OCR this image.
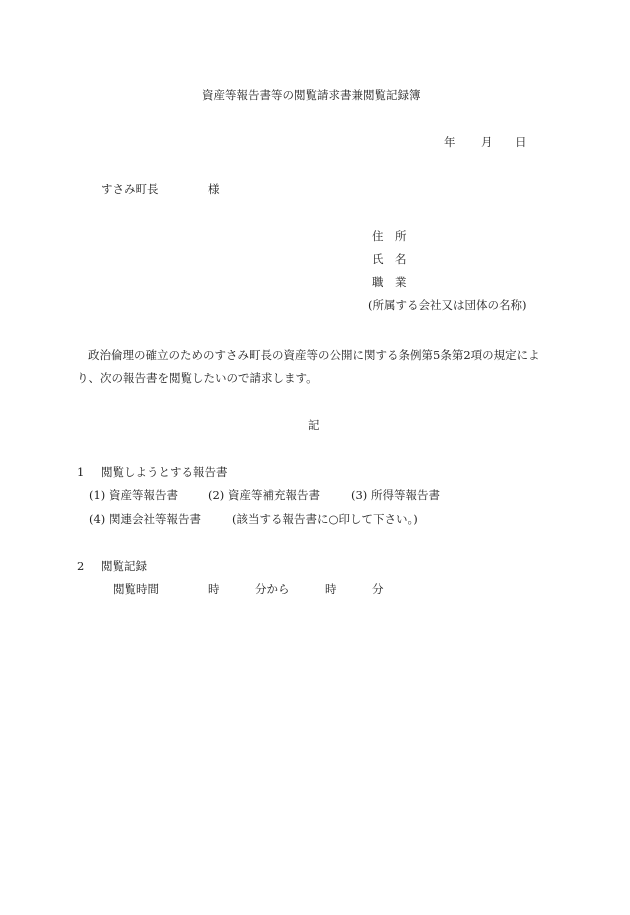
資産等報告書等の閲覧請求書兼閲覧記録簿
年 月 日
すさみ町長	様
住　所
氏　名
職　業
(所属する会社又は団体の名称)
政治倫理の確立のためのすさみ町長の資産等の公開に関する条例第5条第2項の規定によ
り、次の報告書を閲覧したいので請求します。
記
1 閲覧しようとする報告書
(1) 資産等報告書	(2) 資産等補充報告書	(3) 所得等報告書
(4) 関連会社等報告書	(該当する報告書に○印して下さい。)
2 閲覧記録
閲覧時間	時	分から	時	分
